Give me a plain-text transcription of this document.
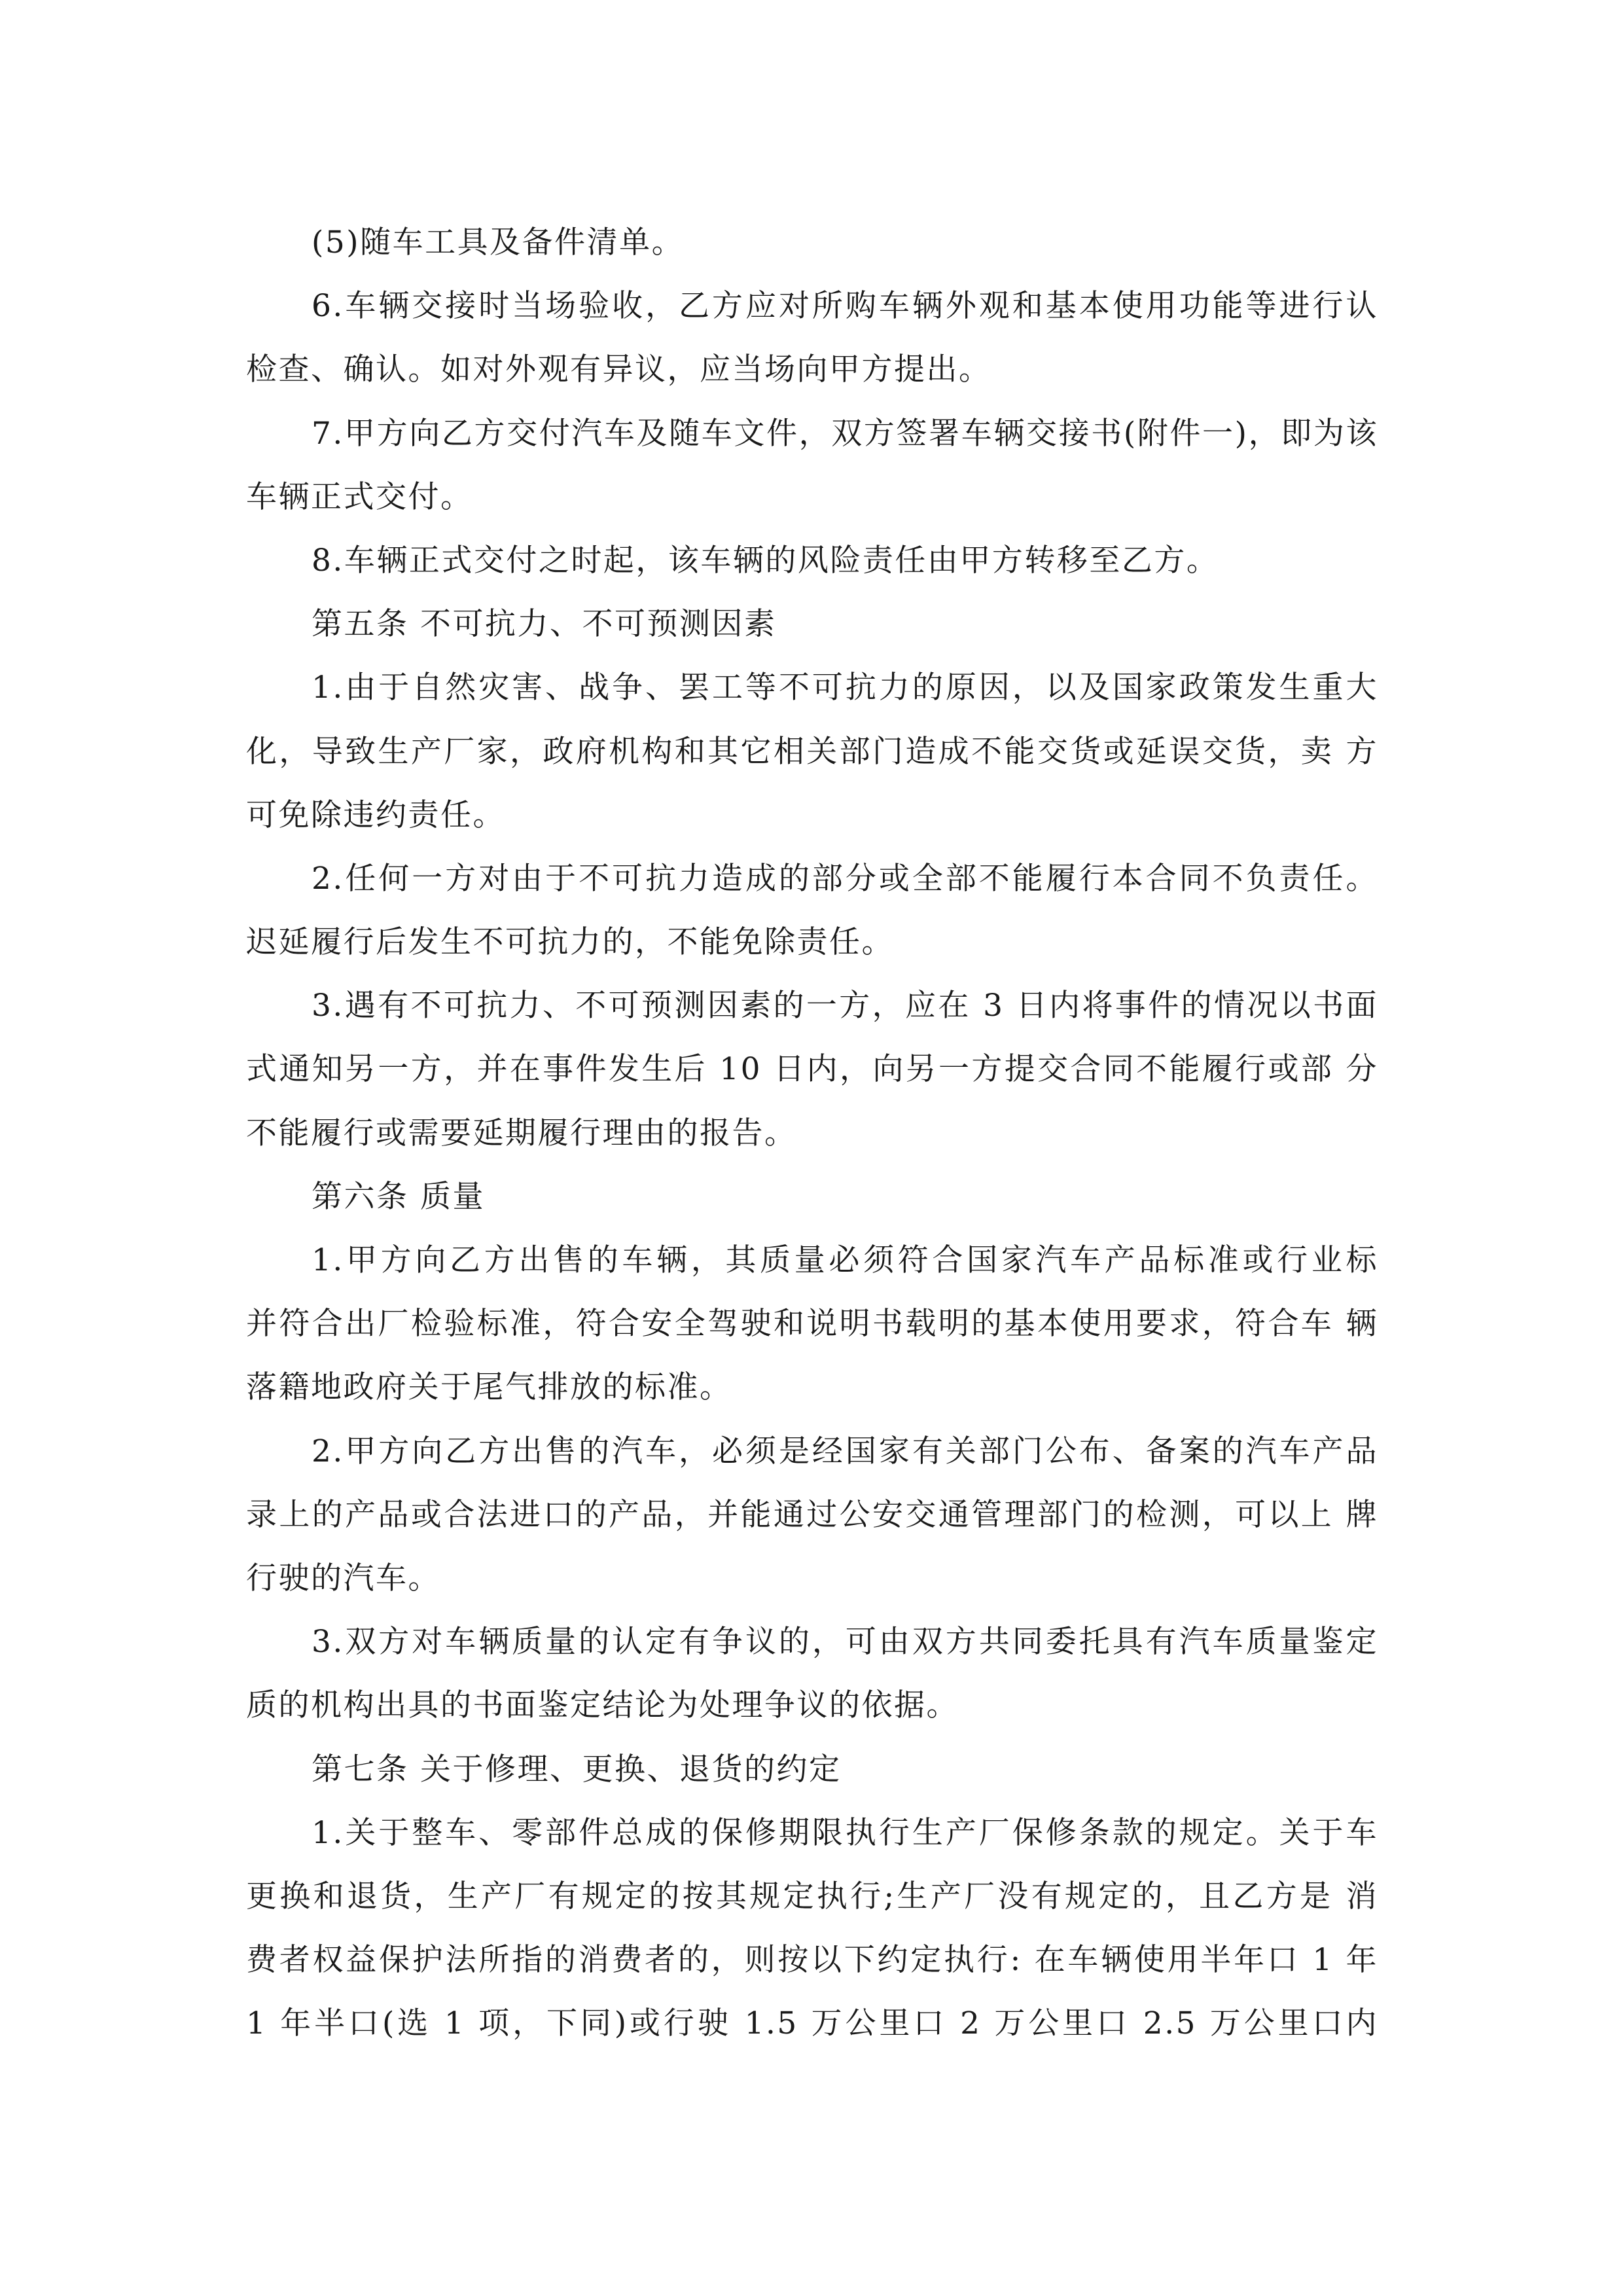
(5)随车工具及备件清单。
6.车辆交接时当场验收，乙方应对所购车辆外观和基本使用功能等进行认
检查、确认。如对外观有异议，应当场向甲方提出。
7.甲方向乙方交付汽车及随车文件，双方签署车辆交接书(附件一)，即为该
车辆正式交付。
8.车辆正式交付之时起，该车辆的风险责任由甲方转移至乙方。
第五条 不可抗力、不可预测因素
1.由于自然灾害、战争、罢工等不可抗力的原因，以及国家政策发生重大
化，导致生产厂家，政府机构和其它相关部门造成不能交货或延误交货，卖 方
可免除违约责任。
2.任何一方对由于不可抗力造成的部分或全部不能履行本合同不负责任。
迟延履行后发生不可抗力的，不能免除责任。
3.遇有不可抗力、不可预测因素的一方，应在 3 日内将事件的情况以书面
式通知另一方，并在事件发生后 10 日内，向另一方提交合同不能履行或部 分
不能履行或需要延期履行理由的报告。
第六条 质量
1.甲方向乙方出售的车辆，其质量必须符合国家汽车产品标准或行业标
并符合出厂检验标准，符合安全驾驶和说明书载明的基本使用要求，符合车 辆
落籍地政府关于尾气排放的标准。
2.甲方向乙方出售的汽车，必须是经国家有关部门公布、备案的汽车产品
录上的产品或合法进口的产品，并能通过公安交通管理部门的检测，可以上 牌
行驶的汽车。
3.双方对车辆质量的认定有争议的，可由双方共同委托具有汽车质量鉴定
质的机构出具的书面鉴定结论为处理争议的依据。
第七条 关于修理、更换、退货的约定
1.关于整车、零部件总成的保修期限执行生产厂保修条款的规定。关于车
更换和退货，生产厂有规定的按其规定执行;生产厂没有规定的，且乙方是 消
费者权益保护法所指的消费者的，则按以下约定执行: 在车辆使用半年口 1 年
1 年半口(选 1 项，下同)或行驶 1.5 万公里口 2 万公里口 2.5 万公里口内
